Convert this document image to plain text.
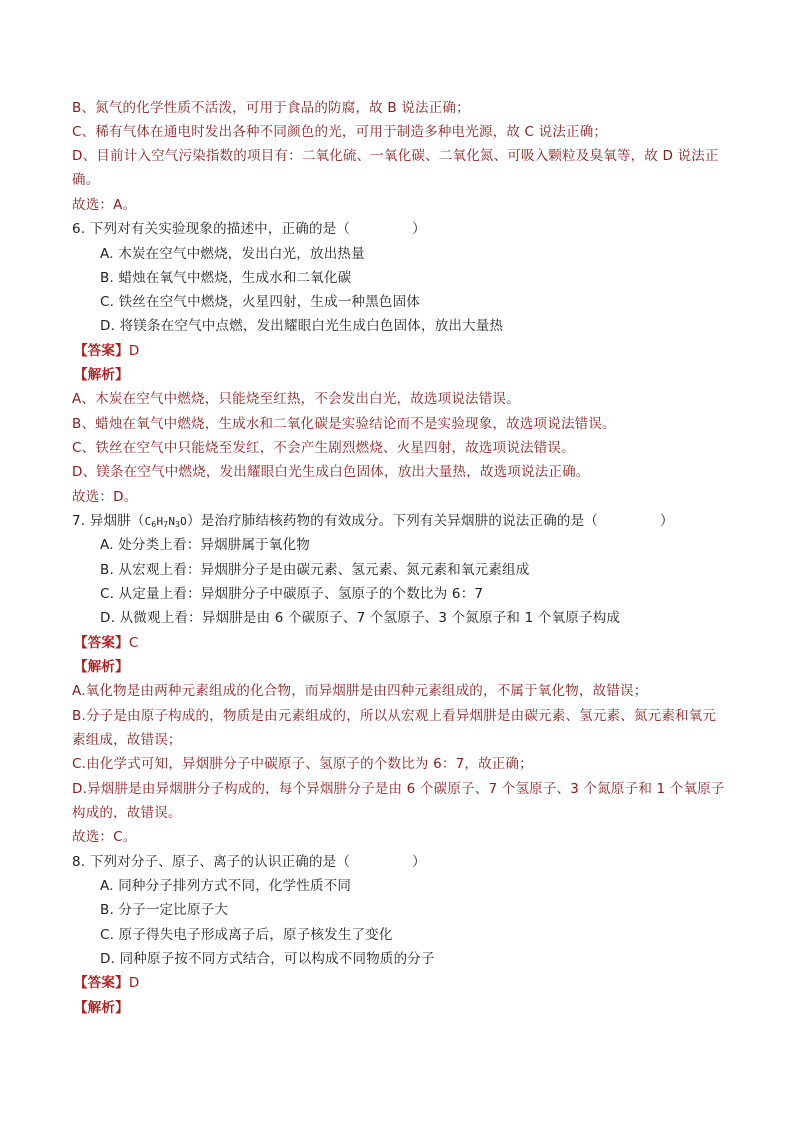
B、氮气的化学性质不活泼，可用于食品的防腐，故 B 说法正确；
C、稀有气体在通电时发出各种不同颜色的光，可用于制造多种电光源，故 C 说法正确；
D、目前计入空气污染指数的项目有：二氧化硫、一氧化碳、二氧化氮、可吸入颗粒及臭氧等，故 D 说法正
确。
故选：A。
6. 下列对有关实验现象的描述中，正确的是（	）
A. 木炭在空气中燃烧，发出白光，放出热量
B. 蜡烛在氧气中燃烧，生成水和二氧化碳
C. 铁丝在空气中燃烧，火星四射，生成一种黑色固体
D. 将镁条在空气中点燃，发出耀眼白光生成白色固体，放出大量热
【答案】D
【解析】
A、木炭在空气中燃烧，只能烧至红热，不会发出白光，故选项说法错误。
B、蜡烛在氧气中燃烧，生成水和二氧化碳是实验结论而不是实验现象，故选项说法错误。
C、铁丝在空气中只能烧至发红，不会产生剧烈燃烧、火星四射，故选项说法错误。
D、镁条在空气中燃烧，发出耀眼白光生成白色固体，放出大量热，故选项说法正确。
故选：D。
7. 异烟肼$(C_6H_7N_3O)$是治疗肺结核药物的有效成分。下列有关异烟肼的说法正确的是（	）
A. 处分类上看：异烟肼属于氧化物
B. 从宏观上看：异烟肼分子是由碳元素、氢元素、氮元素和氧元素组成
C. 从定量上看：异烟肼分子中碳原子、氢原子的个数比为 6：7
D. 从微观上看：异烟肼是由 6 个碳原子、7 个氢原子、3 个氮原子和 1 个氧原子构成
【答案】C
【解析】
A.氧化物是由两种元素组成的化合物，而异烟肼是由四种元素组成的，不属于氧化物，故错误；
B.分子是由原子构成的，物质是由元素组成的，所以从宏观上看异烟肼是由碳元素、氢元素、氮元素和氧元
素组成，故错误；
C.由化学式可知，异烟肼分子中碳原子、氢原子的个数比为 6：7，故正确；
D.异烟肼是由异烟肼分子构成的，每个异烟肼分子是由 6 个碳原子、7 个氢原子、3 个氮原子和 1 个氧原子
构成的，故错误。
故选：C。
8. 下列对分子、原子、离子的认识正确的是（	）
A. 同种分子排列方式不同，化学性质不同
B. 分子一定比原子大
C. 原子得失电子形成离子后，原子核发生了变化
D. 同种原子按不同方式结合，可以构成不同物质的分子
【答案】D
【解析】
